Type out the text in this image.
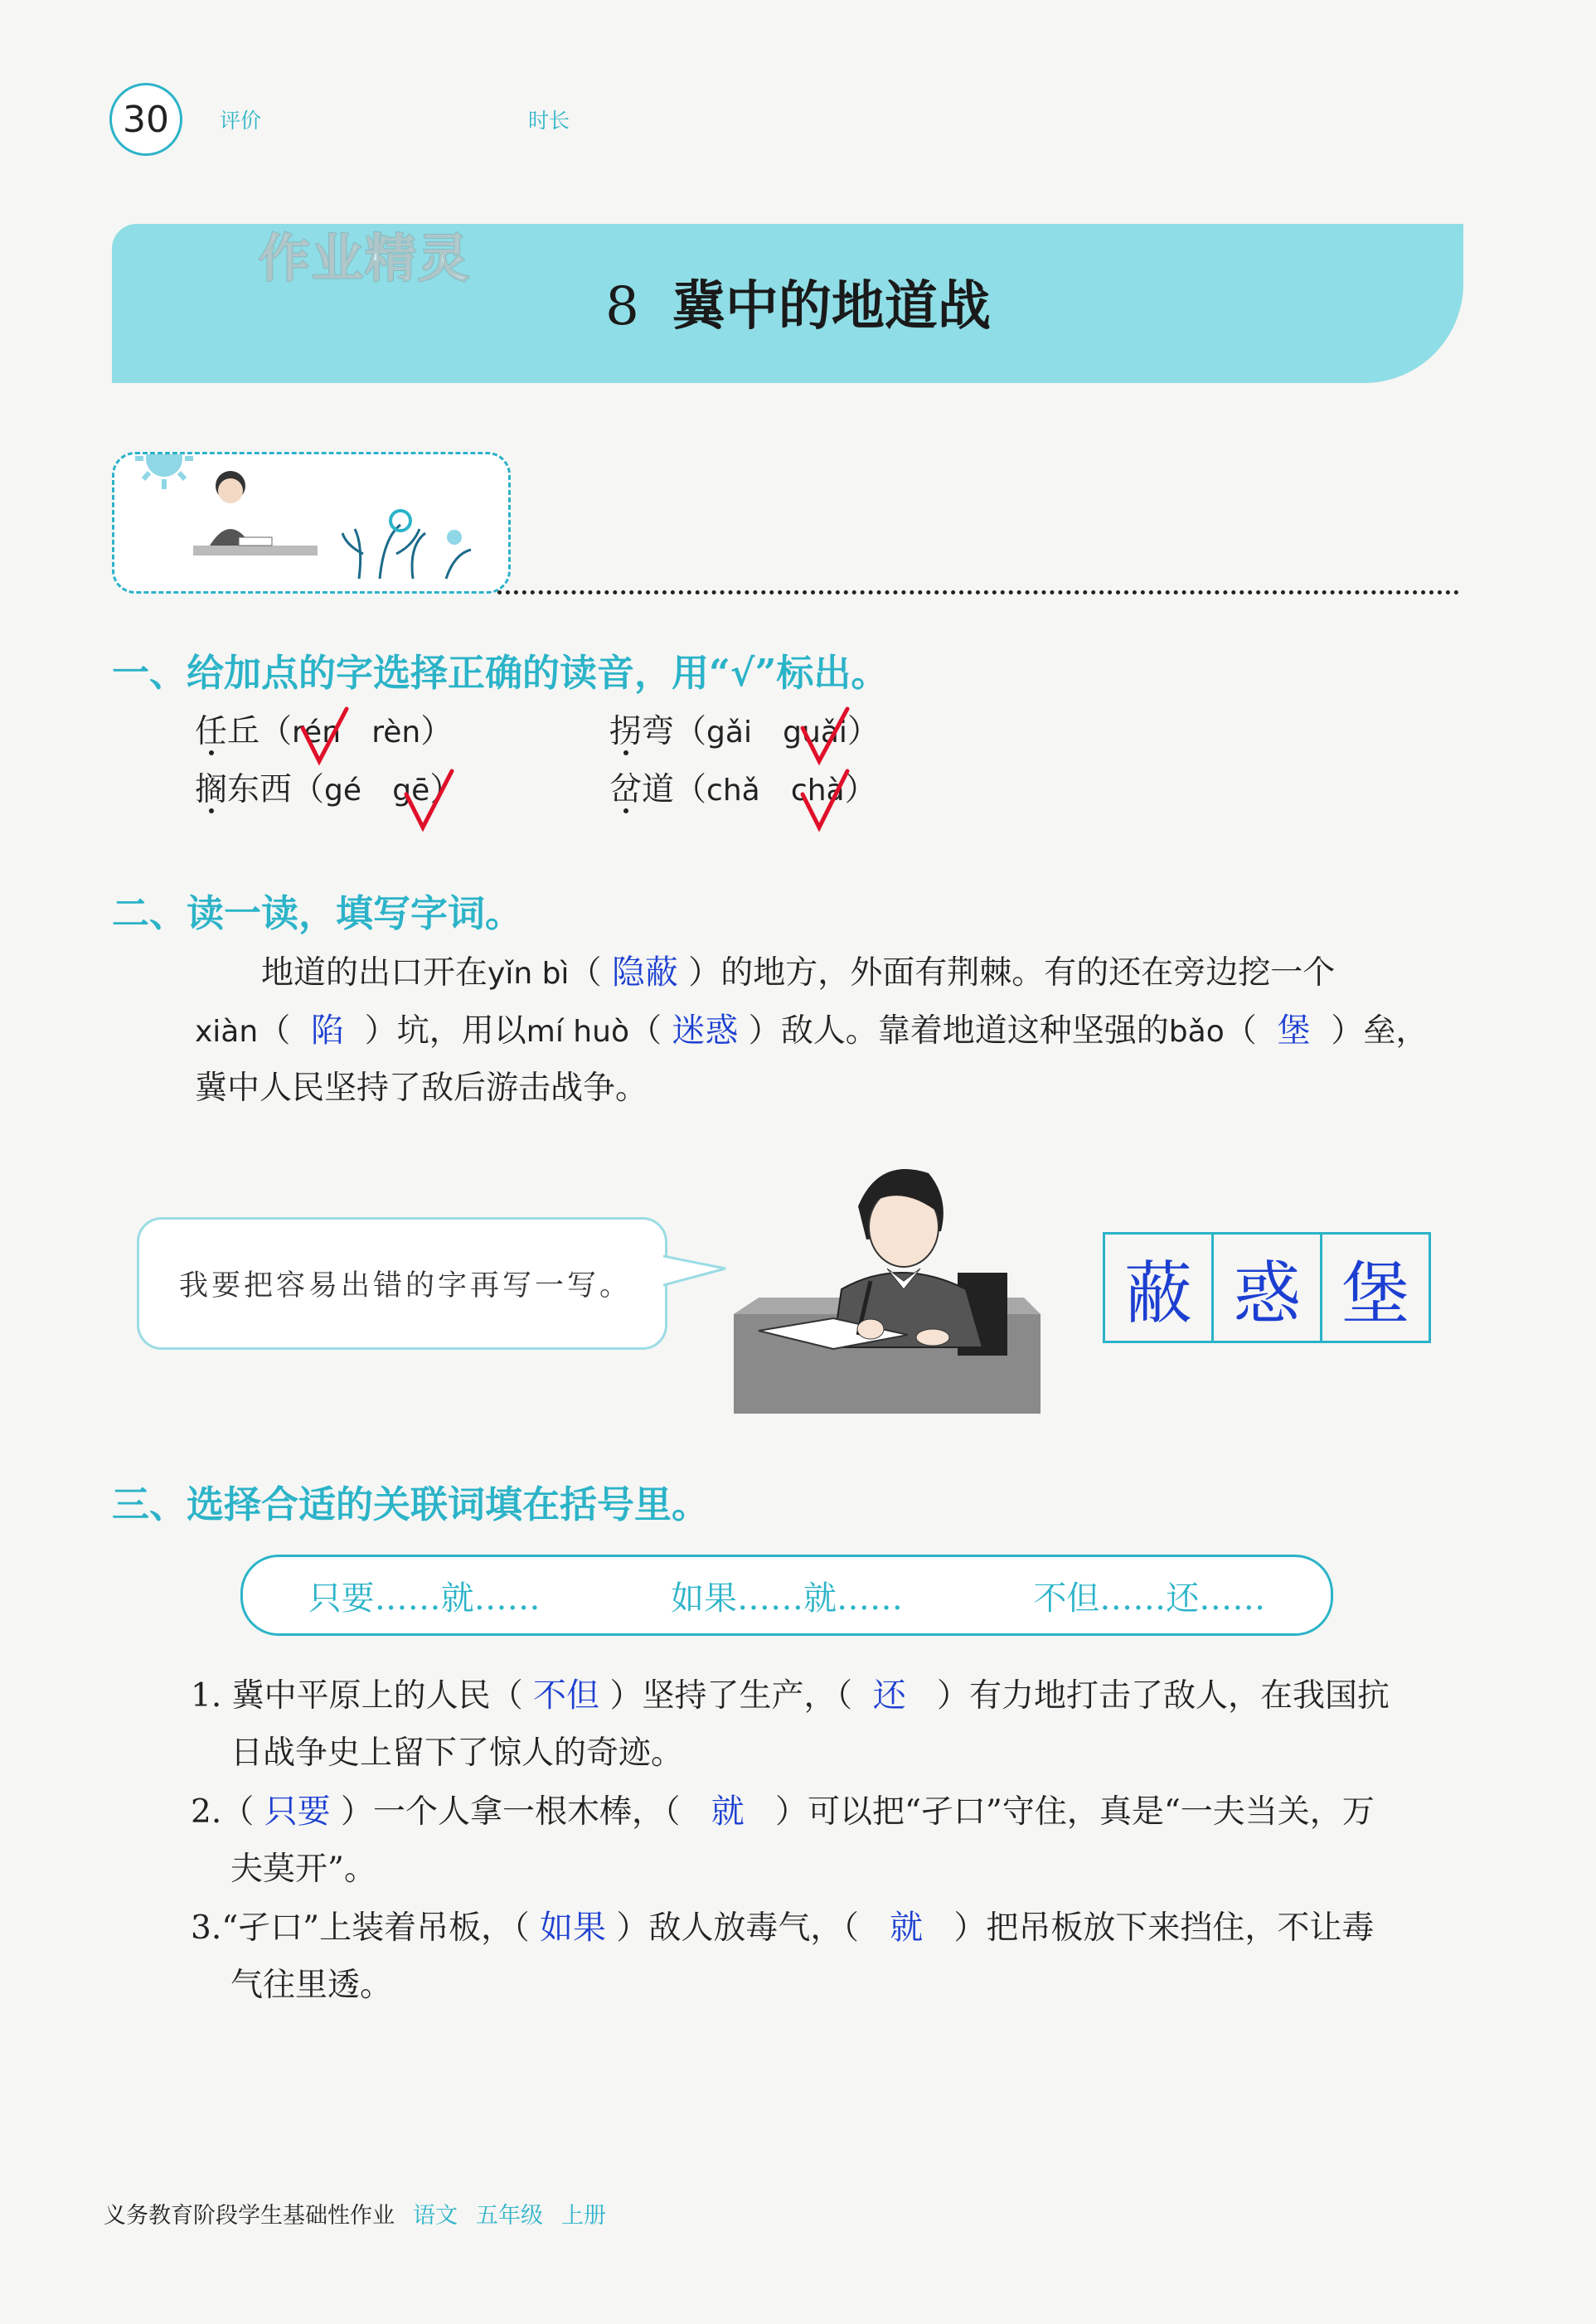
30	评价	时长
作业精灵
8 冀中的地道战
一、给加点的字选择正确的读音，用“√”标出。
任丘（rén rèn）	拐弯（gǎi guǎi）
搁东西（gé gē）	岔道（chǎ chà）
二、读一读，填写字词。
地道的出口开在yǐn bì（ 隐蔽 ）的地方，外面有荆棘。有的还在旁边挖一个
xiàn（  陷  ）坑，用以mí huò（ 迷惑 ）敌人。靠着地道这种坚强的bǎo（  堡  ）垒，
冀中人民坚持了敌后游击战争。
我要把容易出错的字再写一写。	蔽 惑 堡
三、选择合适的关联词填在括号里。
只要……就……	如果……就……	不但……还……
1. 冀中平原上的人民（ 不但 ）坚持了生产，（ 还 ）有力地打击了敌人，在我国抗
日战争史上留下了惊人的奇迹。
2.（ 只要 ）一个人拿一根木棒，（ 就 ）可以把“孑口”守住，真是“一夫当关，万
夫莫开”。
3.“孑口”上装着吊板，（ 如果 ）敌人放毒气，（ 就 ）把吊板放下来挡住，不让毒
气往里透。
义务教育阶段学生基础性作业 语文 五年级 上册
